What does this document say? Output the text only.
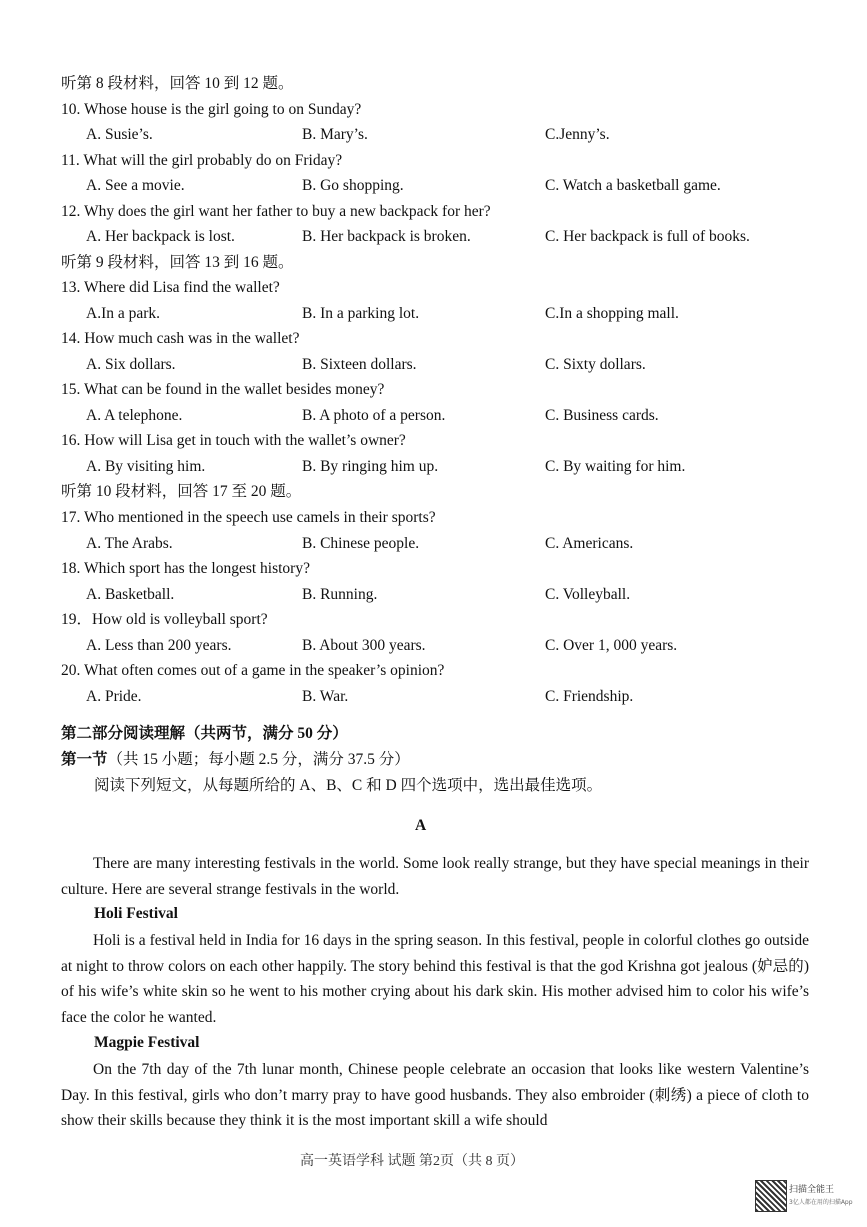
听第 8 段材料，回答 10 到 12 题。
10. Whose house is the girl going to on Sunday?
A. Susie’s.	B. Mary’s.	C.Jenny’s.
11. What will the girl probably do on Friday?
A. See a movie.	B. Go shopping.	C. Watch a basketball game.
12. Why does the girl want her father to buy a new backpack for her?
A. Her backpack is lost.	B. Her backpack is broken.	C. Her backpack is full of books.
听第 9 段材料，回答 13 到 16 题。
13. Where did Lisa find the wallet?
A.In a park.	B. In a parking lot.	C.In a shopping mall.
14. How much cash was in the wallet?
A. Six dollars.	B. Sixteen dollars.	C. Sixty dollars.
15. What can be found in the wallet besides money?
A. A telephone.	B. A photo of a person.	C. Business cards.
16. How will Lisa get in touch with the wallet’s owner?
A. By visiting him.	B. By ringing him up.	C. By waiting for him.
听第 10 段材料，回答 17 至 20 题。
17. Who mentioned in the speech use camels in their sports?
A. The Arabs.	B. Chinese people.	C. Americans.
18. Which sport has the longest history?
A. Basketball.	B. Running.	C. Volleyball.
19．How old is volleyball sport?
A. Less than 200 years.	B. About 300 years.	C. Over 1, 000 years.
20. What often comes out of a game in the speaker’s opinion?
A. Pride.	B. War.	C. Friendship.
第二部分阅读理解（共两节，满分 50 分）
第一节（共 15 小题；每小题 2.5 分，满分 37.5 分）
阅读下列短文，从每题所给的 A、B、C 和 D 四个选项中，选出最佳选项。
A
There are many interesting festivals in the world. Some look really strange, but they have special meanings in their culture. Here are several strange festivals in the world.
Holi Festival
Holi is a festival held in India for 16 days in the spring season. In this festival, people in colorful clothes go outside at night to throw colors on each other happily. The story behind this festival is that the god Krishna got jealous (妒忌的) of his wife’s white skin so he went to his mother crying about his dark skin. His mother advised him to color his wife’s face the color he wanted.
Magpie Festival
On the 7th day of the 7th lunar month, Chinese people celebrate an occasion that looks like western Valentine’s Day. In this festival, girls who don’t marry pray to have good husbands. They also embroider (刺绣) a piece of cloth to show their skills because they think it is the most important skill a wife should
高一英语学科 试题 第2页（共 8 页）
扫描全能王
3亿人都在用的扫描App
